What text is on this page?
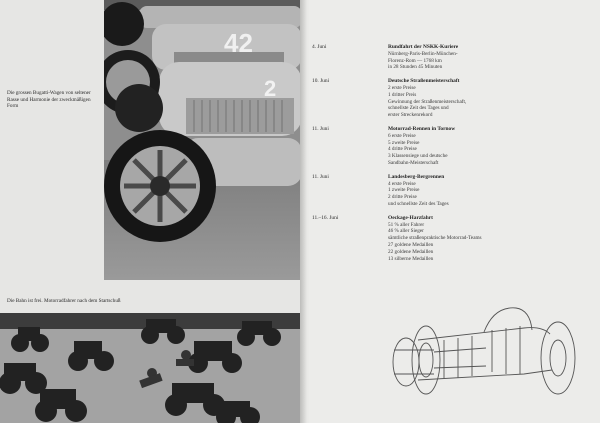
42
2
Die grossen Bugatti-Wagen von seltener Rasse und Harmonie der zweckmäßigen Form
Die Bahn ist frei. Motorradfahrer nach dem Startschuß
4. Juni	Rundfahrt der NSKK-Kuriere
Nürnberg-Paris-Berlin-München-
Florenz-Rom — 1768 km
in 28 Stunden 45 Minuten
10. Juni	Deutsche Straßenmeisterschaft
2 erste Preise
1 dritter Preis
Gewinnung der Straßenmeisterschaft,
schnellste Zeit des Tages und
erster Streckenrekord
11. Juni	Motorrad-Rennen in Tornow
6 erste Preise
5 zweite Preise
4 dritte Preise
3 Klassensiege und deutsche
Sandbahn-Meisterschaft
11. Juni	Landesberg-Bergrennen
4 erste Preise
1 zweite Preise
2 dritte Preise
und schnellste Zeit des Tages
11.–16. Juni	Oeckage-Harzfahrt
51 % aller Fahrer
46 % aller Sieger
sämtliche straßenpraktische Motorrad-Teams
27 goldene Medaillen
22 goldene Medaillen
13 silberne Medaillen
